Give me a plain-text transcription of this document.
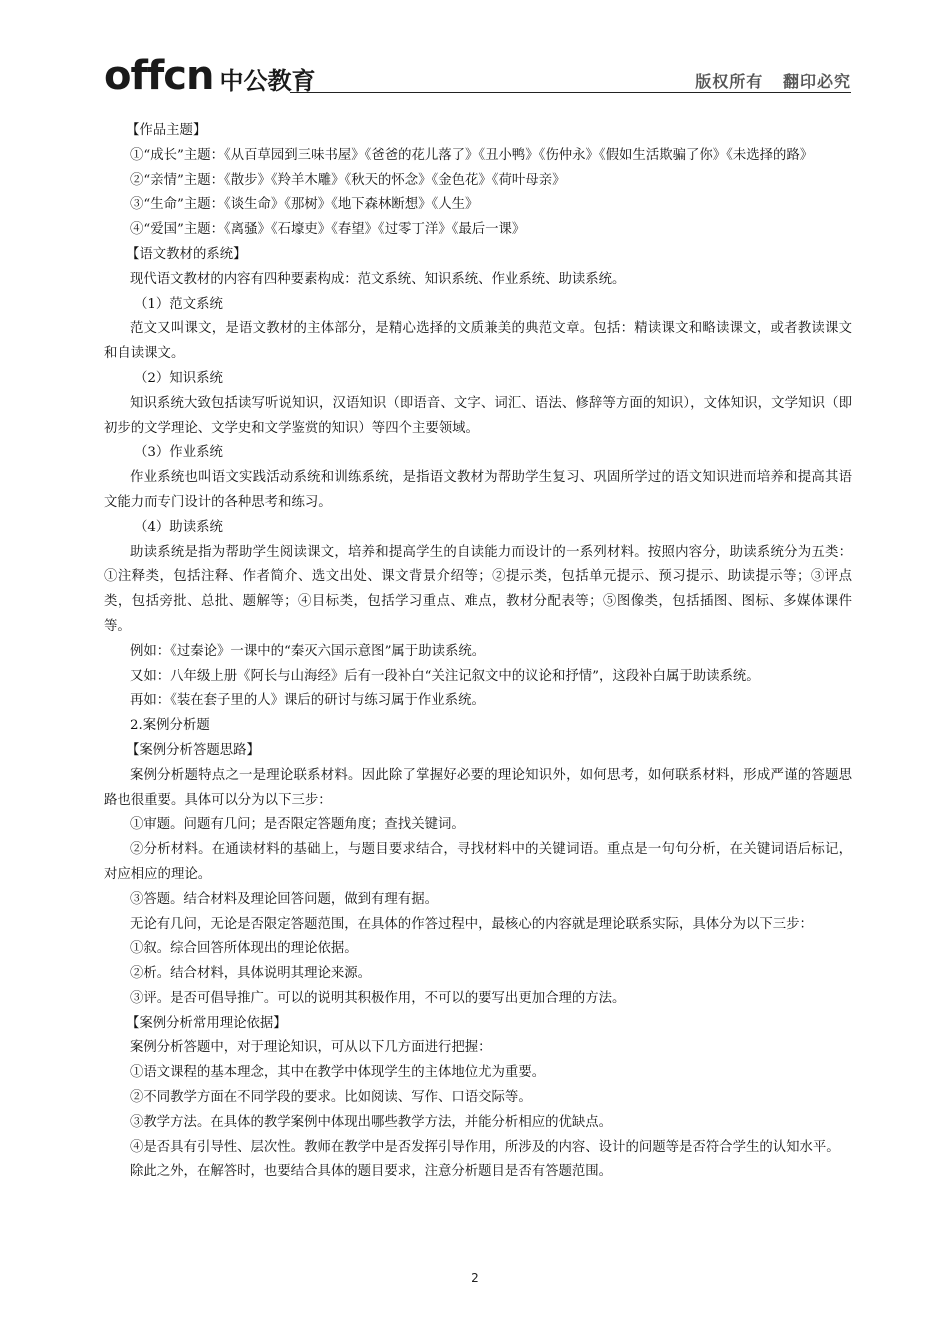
offcn 中公教育	版权所有   翻印必究
【作品主题】
①“成长”主题：《从百草园到三味书屋》《爸爸的花儿落了》《丑小鸭》《伤仲永》《假如生活欺骗了你》《未选择的路》
②“亲情”主题：《散步》《羚羊木雕》《秋天的怀念》《金色花》《荷叶母亲》
③“生命”主题：《谈生命》《那树》《地下森林断想》《人生》
④“爱国”主题：《离骚》《石壕吏》《春望》《过零丁洋》《最后一课》
【语文教材的系统】
现代语文教材的内容有四种要素构成：范文系统、知识系统、作业系统、助读系统。
（1）范文系统
范文又叫课文，是语文教材的主体部分，是精心选择的文质兼美的典范文章。包括：精读课文和略读课文，或者教读课文和自读课文。
（2）知识系统
知识系统大致包括读写听说知识，汉语知识（即语音、文字、词汇、语法、修辞等方面的知识），文体知识，文学知识（即初步的文学理论、文学史和文学鉴赏的知识）等四个主要领域。
（3）作业系统
作业系统也叫语文实践活动系统和训练系统，是指语文教材为帮助学生复习、巩固所学过的语文知识进而培养和提高其语文能力而专门设计的各种思考和练习。
（4）助读系统
助读系统是指为帮助学生阅读课文，培养和提高学生的自读能力而设计的一系列材料。按照内容分，助读系统分为五类：①注释类，包括注释、作者简介、选文出处、课文背景介绍等；②提示类，包括单元提示、预习提示、助读提示等；③评点类，包括旁批、总批、题解等；④目标类，包括学习重点、难点，教材分配表等；⑤图像类，包括插图、图标、多媒体课件等。
例如：《过秦论》一课中的“秦灭六国示意图”属于助读系统。
又如：八年级上册《阿长与山海经》后有一段补白“关注记叙文中的议论和抒情”，这段补白属于助读系统。
再如：《装在套子里的人》课后的研讨与练习属于作业系统。
2.案例分析题
【案例分析答题思路】
案例分析题特点之一是理论联系材料。因此除了掌握好必要的理论知识外，如何思考，如何联系材料，形成严谨的答题思路也很重要。具体可以分为以下三步：
①审题。问题有几问；是否限定答题角度；查找关键词。
②分析材料。在通读材料的基础上，与题目要求结合，寻找材料中的关键词语。重点是一句句分析，在关键词语后标记，对应相应的理论。
③答题。结合材料及理论回答问题，做到有理有据。
无论有几问，无论是否限定答题范围，在具体的作答过程中，最核心的内容就是理论联系实际，具体分为以下三步：
①叙。综合回答所体现出的理论依据。
②析。结合材料，具体说明其理论来源。
③评。是否可倡导推广。可以的说明其积极作用，不可以的要写出更加合理的方法。
【案例分析常用理论依据】
案例分析答题中，对于理论知识，可从以下几方面进行把握：
①语文课程的基本理念，其中在教学中体现学生的主体地位尤为重要。
②不同教学方面在不同学段的要求。比如阅读、写作、口语交际等。
③教学方法。在具体的教学案例中体现出哪些教学方法，并能分析相应的优缺点。
④是否具有引导性、层次性。教师在教学中是否发挥引导作用，所涉及的内容、设计的问题等是否符合学生的认知水平。
除此之外，在解答时，也要结合具体的题目要求，注意分析题目是否有答题范围。
2
